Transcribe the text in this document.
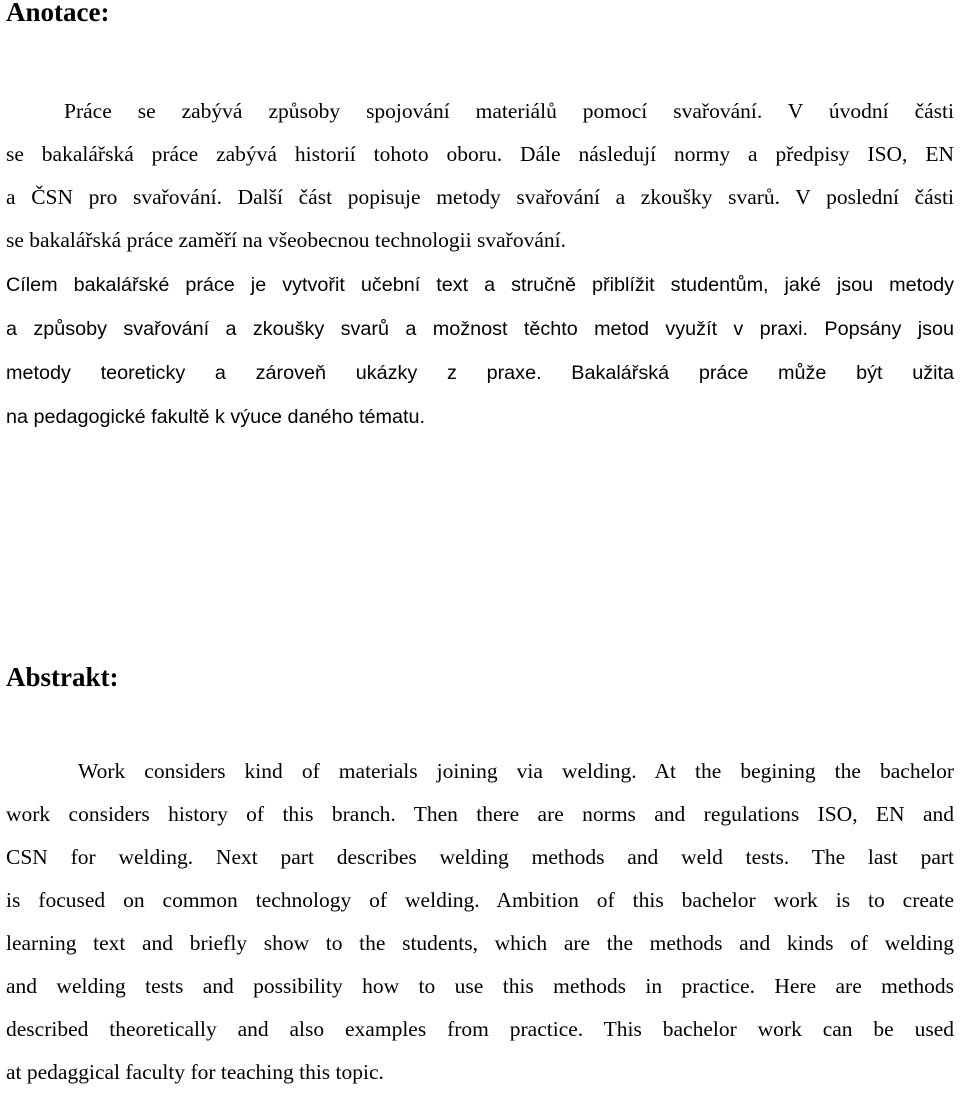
Anotace:
Práce se zabývá způsoby spojování materiálů pomocí svařování. V úvodní části
se bakalářská práce zabývá historií tohoto oboru. Dále následují normy a předpisy ISO, EN
a ČSN pro svařování. Další část popisuje metody svařování a zkoušky svarů. V poslední části
se bakalářská práce zaměří na všeobecnou technologii svařování.
Cílem bakalářské práce je vytvořit učební text a stručně přiblížit studentům, jaké jsou metody
a způsoby svařování a zkoušky svarů a možnost těchto metod využít v praxi. Popsány jsou
metody teoreticky a zároveň ukázky z praxe. Bakalářská práce může být užita
na pedagogické fakultě k výuce daného tématu.
Abstrakt:
Work considers kind of materials joining via welding. At the begining the bachelor
work considers history of this branch. Then there are norms and regulations ISO, EN and
CSN for welding. Next part describes welding methods and weld tests. The last part
is focused on common technology of welding. Ambition of this bachelor work is to create
learning text and briefly show to the students, which are the methods and kinds of welding
and welding tests and possibility how to use this methods in practice. Here are methods
described theoretically and also examples from practice. This bachelor work can be used
at pedaggical faculty for teaching this topic.
